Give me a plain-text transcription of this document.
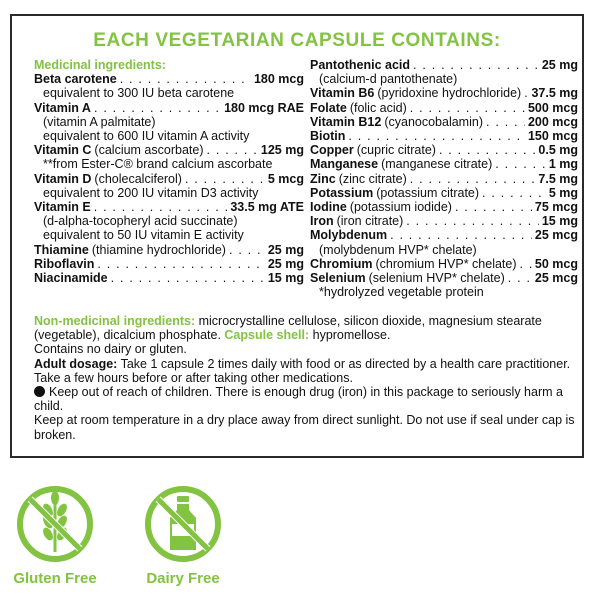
EACH VEGETARIAN CAPSULE CONTAINS:
Medicinal ingredients:
Beta carotene . . .	180 mcg
equivalent to 300 IU beta carotene
Vitamin A . . .	180 mcg RAE
(vitamin A palmitate)
equivalent to 600 IU vitamin A activity
Vitamin C (calcium ascorbate) . . .	125 mg
**from Ester-C® brand calcium ascorbate
Vitamin D (cholecalciferol) . . .	5 mcg
equivalent to 200 IU vitamin D3 activity
Vitamin E . . .	33.5 mg ATE
(d-alpha-tocopheryl acid succinate)
equivalent to 50 IU vitamin E activity
Thiamine (thiamine hydrochloride) . . .	25 mg
Riboflavin . . .	25 mg
Niacinamide . . .	15 mg
Pantothenic acid . . .	25 mg
(calcium-d pantothenate)
Vitamin B6 (pyridoxine hydrochloride) . . . 37.5 mg
Folate (folic acid) . . .	500 mcg
Vitamin B12 (cyanocobalamin) . . .	200 mcg
Biotin . . .	150 mcg
Copper (cupric citrate) . . .	0.5 mg
Manganese (manganese citrate) . . .	1 mg
Zinc (zinc citrate) . . .	7.5 mg
Potassium (potassium citrate) . . .	5 mg
Iodine (potassium iodide) . . .	75 mcg
Iron (iron citrate) . . .	15 mg
Molybdenum . . .	25 mcg
(molybdenum HVP* chelate)
Chromium (chromium HVP* chelate) . . . 50 mcg
Selenium (selenium HVP* chelate) . . . 25 mcg
*hydrolyzed vegetable protein

Non-medicinal ingredients: microcrystalline cellulose, silicon dioxide, magnesium stearate (vegetable), dicalcium phosphate. Capsule shell: hypromellose.

Contains no dairy or gluten.

Adult dosage: Take 1 capsule 2 times daily with food or as directed by a health care practitioner.

Take a few hours before or after taking other medications.

Keep out of reach of children. There is enough drug (iron) in this package to seriously harm a child.

Keep at room temperature in a dry place away from direct sunlight. Do not use if seal under cap is broken.

Gluten Free	Dairy Free
